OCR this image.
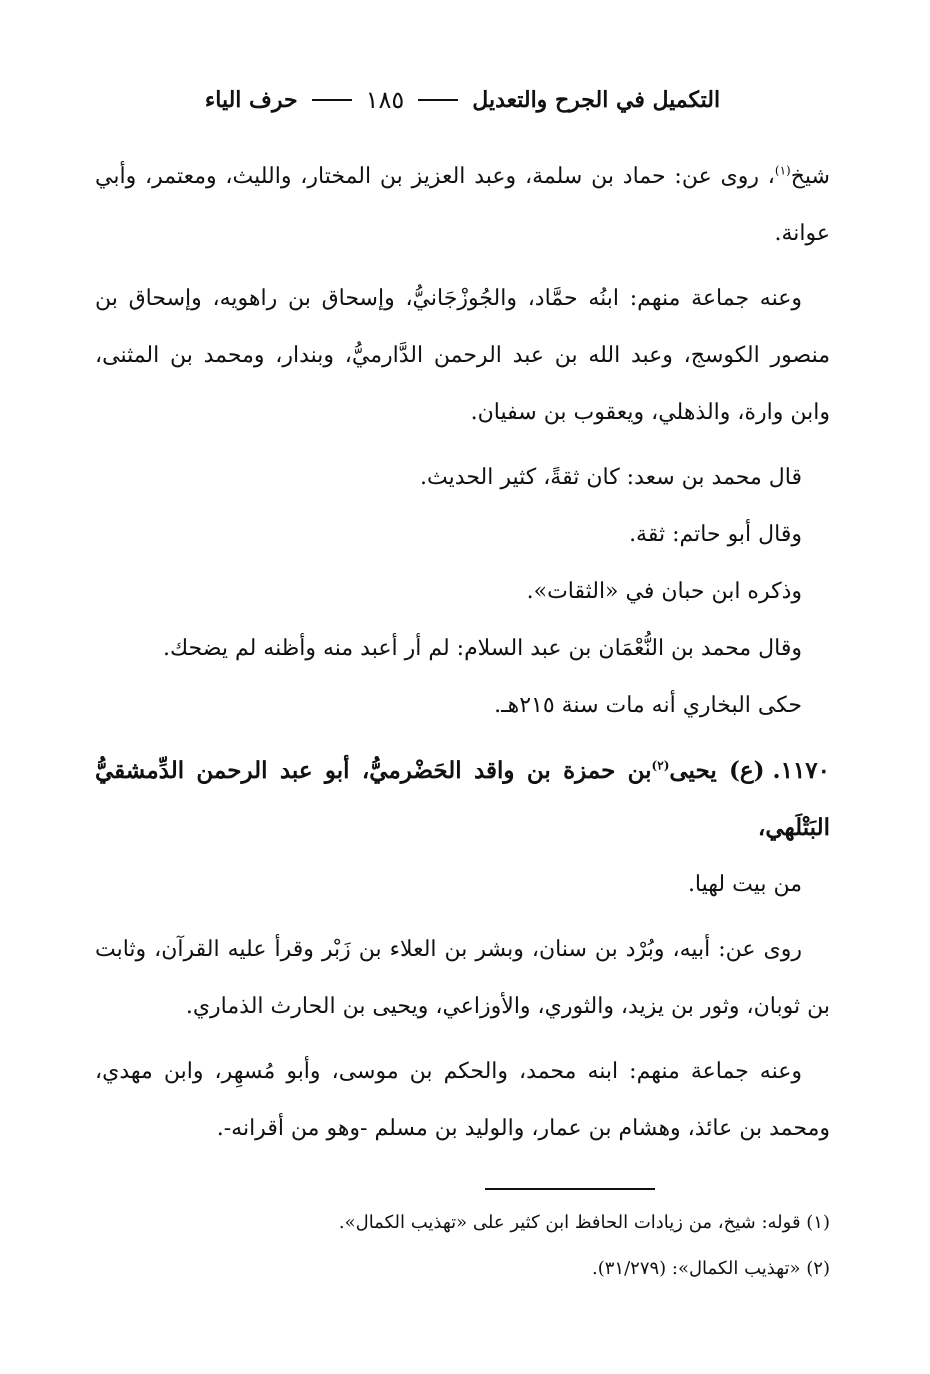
التكميل في الجرح والتعديل
١٨٥
حرف الياء

شيخ$^{(١)}$، روى عن: حماد بن سلمة، وعبد العزيز بن المختار، والليث، ومعتمر، وأبي عوانة.

وعنه جماعة منهم: ابنُه حمَّاد، والجُوزْجَانيُّ، وإسحاق بن راهويه، وإسحاق بن منصور الكوسج، وعبد الله بن عبد الرحمن الدَّارميُّ، وبندار، ومحمد بن المثنى، وابن وارة، والذهلي، ويعقوب بن سفيان.

قال محمد بن سعد: كان ثقةً، كثير الحديث.

وقال أبو حاتم: ثقة.

وذكره ابن حبان في «الثقات».

وقال محمد بن النُّعْمَان بن عبد السلام: لم أر أعبد منه وأظنه لم يضحك.

حكى البخاري أنه مات سنة ٢١٥هـ.

١١٧٠.(ع) يحيى$^{(٢)}$بن حمزة بن واقد الحَضْرميُّ، أبو عبد الرحمن الدِّمشقيُّ البَتْلَهي،

من بيت لهيا.

روى عن: أبيه، وبُرْد بن سنان، وبشر بن العلاء بن زَبْر وقرأ عليه القرآن، وثابت بن ثوبان، وثور بن يزيد، والثوري، والأوزاعي، ويحيى بن الحارث الذماري.

وعنه جماعة منهم: ابنه محمد، والحكم بن موسى، وأبو مُسهِر، وابن مهدي، ومحمد بن عائذ، وهشام بن عمار، والوليد بن مسلم -وهو من أقرانه-.

(١) قوله: شيخ، من زيادات الحافظ ابن كثير على «تهذيب الكمال».

(٢) «تهذيب الكمال»: (٣١/٢٧٩).
